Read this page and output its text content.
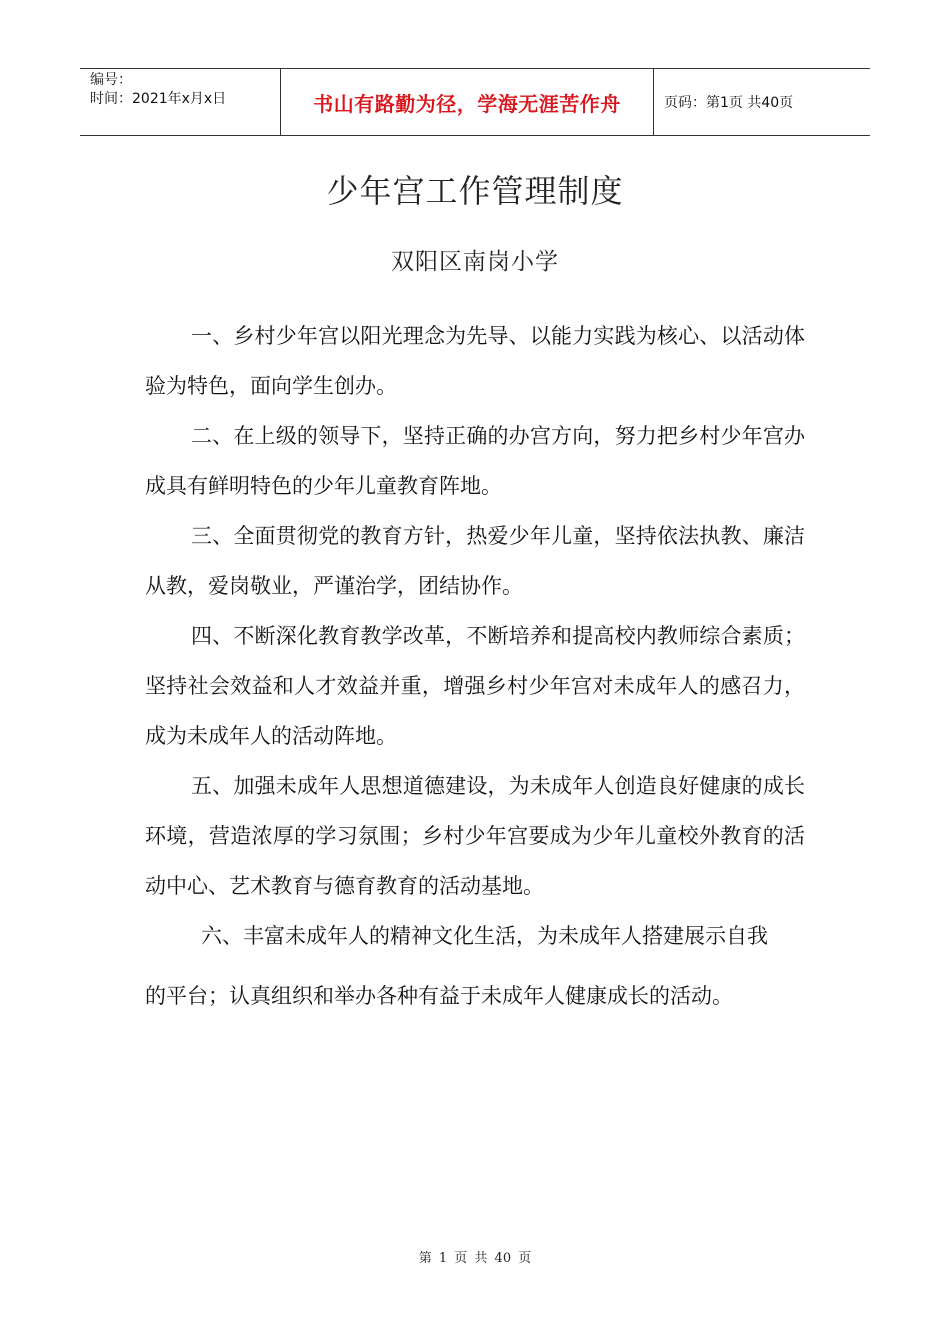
编号：
时间：2021年x月x日	书山有路勤为径，学海无涯苦作舟	页码：第1页 共40页
少年宫工作管理制度
双阳区南岗小学

一、乡村少年宫以阳光理念为先导、以能力实践为核心、以活动体验为特色，面向学生创办。

二、在上级的领导下，坚持正确的办宫方向，努力把乡村少年宫办成具有鲜明特色的少年儿童教育阵地。

三、全面贯彻党的教育方针，热爱少年儿童，坚持依法执教、廉洁从教，爱岗敬业，严谨治学，团结协作。

四、不断深化教育教学改革，不断培养和提高校内教师综合素质；坚持社会效益和人才效益并重，增强乡村少年宫对未成年人的感召力，成为未成年人的活动阵地。

五、加强未成年人思想道德建设，为未成年人创造良好健康的成长环境，营造浓厚的学习氛围；乡村少年宫要成为少年儿童校外教育的活动中心、艺术教育与德育教育的活动基地。

六、丰富未成年人的精神文化生活，为未成年人搭建展示自我

的平台；认真组织和举办各种有益于未成年人健康成长的活动。

第 1 页 共 40 页
